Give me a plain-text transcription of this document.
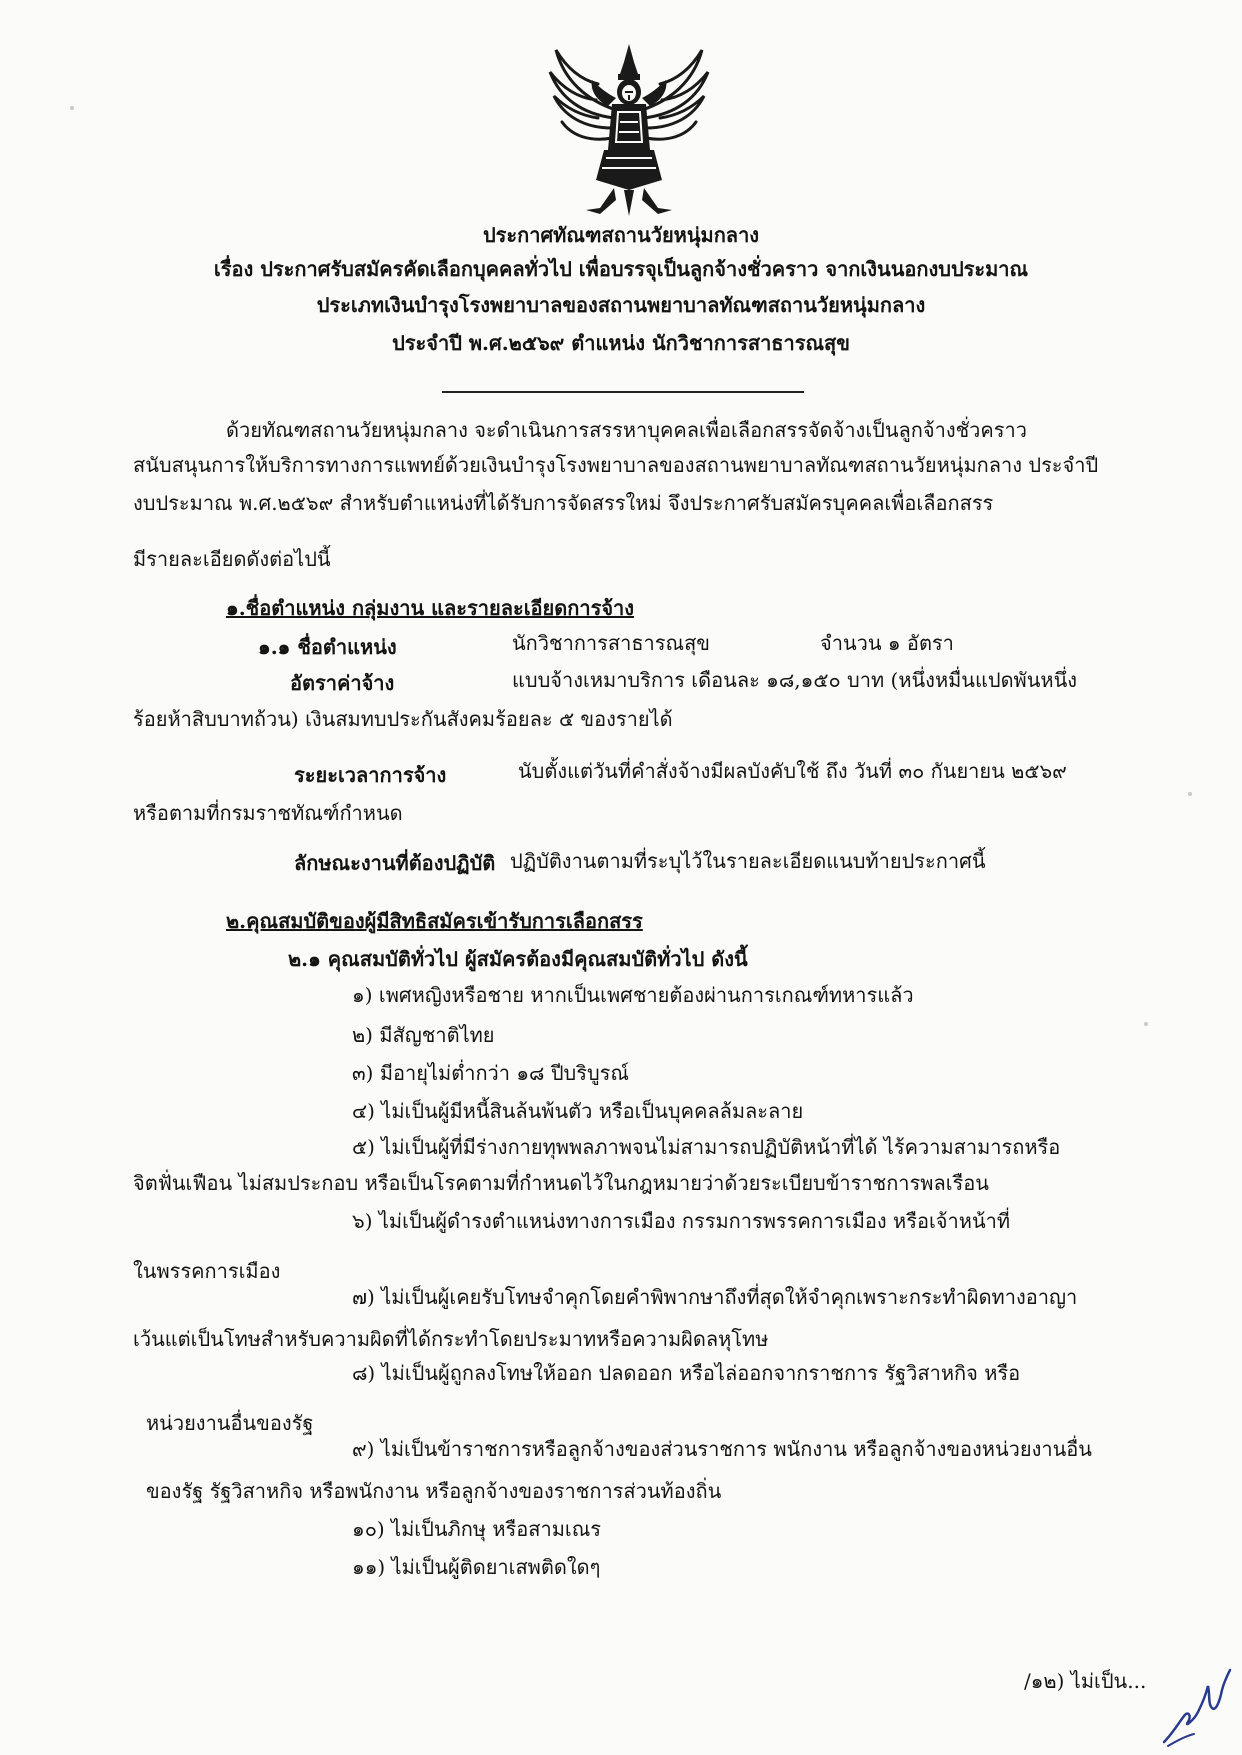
ประกาศทัณฑสถานวัยหนุ่มกลาง
เรื่อง ประกาศรับสมัครคัดเลือกบุคคลทั่วไป เพื่อบรรจุเป็นลูกจ้างชั่วคราว จากเงินนอกงบประมาณ
ประเภทเงินบำรุงโรงพยาบาลของสถานพยาบาลทัณฑสถานวัยหนุ่มกลาง
ประจำปี พ.ศ.๒๕๖๙ ตำแหน่ง นักวิชาการสาธารณสุข
ด้วยทัณฑสถานวัยหนุ่มกลาง จะดำเนินการสรรหาบุคคลเพื่อเลือกสรรจัดจ้างเป็นลูกจ้างชั่วคราว
สนับสนุนการให้บริการทางการแพทย์ด้วยเงินบำรุงโรงพยาบาลของสถานพยาบาลทัณฑสถานวัยหนุ่มกลาง ประจำปี
งบประมาณ พ.ศ.๒๕๖๙ สำหรับตำแหน่งที่ได้รับการจัดสรรใหม่ จึงประกาศรับสมัครบุคคลเพื่อเลือกสรร
มีรายละเอียดดังต่อไปนี้
๑.ชื่อตำแหน่ง กลุ่มงาน และรายละเอียดการจ้าง
๑.๑ ชื่อตำแหน่ง	นักวิชาการสาธารณสุข	จำนวน ๑ อัตรา
อัตราค่าจ้าง	แบบจ้างเหมาบริการ เดือนละ ๑๘,๑๕๐ บาท (หนึ่งหมื่นแปดพันหนึ่ง
ร้อยห้าสิบบาทถ้วน) เงินสมทบประกันสังคมร้อยละ ๕ ของรายได้
ระยะเวลาการจ้าง	นับตั้งแต่วันที่คำสั่งจ้างมีผลบังคับใช้ ถึง วันที่ ๓๐ กันยายน ๒๕๖๙
หรือตามที่กรมราชทัณฑ์กำหนด
ลักษณะงานที่ต้องปฏิบัติ ปฏิบัติงานตามที่ระบุไว้ในรายละเอียดแนบท้ายประกาศนี้
๒.คุณสมบัติของผู้มีสิทธิสมัครเข้ารับการเลือกสรร
๒.๑ คุณสมบัติทั่วไป ผู้สมัครต้องมีคุณสมบัติทั่วไป ดังนี้
๑) เพศหญิงหรือชาย หากเป็นเพศชายต้องผ่านการเกณฑ์ทหารแล้ว
๒) มีสัญชาติไทย
๓) มีอายุไม่ต่ำกว่า ๑๘ ปีบริบูรณ์
๔) ไม่เป็นผู้มีหนี้สินล้นพ้นตัว หรือเป็นบุคคลล้มละลาย
๕) ไม่เป็นผู้ที่มีร่างกายทุพพลภาพจนไม่สามารถปฏิบัติหน้าที่ได้ ไร้ความสามารถหรือ
จิตฟั่นเฟือน ไม่สมประกอบ หรือเป็นโรคตามที่กำหนดไว้ในกฎหมายว่าด้วยระเบียบข้าราชการพลเรือน
๖) ไม่เป็นผู้ดำรงตำแหน่งทางการเมือง กรรมการพรรคการเมือง หรือเจ้าหน้าที่
ในพรรคการเมือง
๗) ไม่เป็นผู้เคยรับโทษจำคุกโดยคำพิพากษาถึงที่สุดให้จำคุกเพราะกระทำผิดทางอาญา
เว้นแต่เป็นโทษสำหรับความผิดที่ได้กระทำโดยประมาทหรือความผิดลหุโทษ
๘) ไม่เป็นผู้ถูกลงโทษให้ออก ปลดออก หรือไล่ออกจากราชการ รัฐวิสาหกิจ หรือ
หน่วยงานอื่นของรัฐ
๙) ไม่เป็นข้าราชการหรือลูกจ้างของส่วนราชการ พนักงาน หรือลูกจ้างของหน่วยงานอื่น
ของรัฐ รัฐวิสาหกิจ หรือพนักงาน หรือลูกจ้างของราชการส่วนท้องถิ่น
๑๐) ไม่เป็นภิกษุ หรือสามเณร
๑๑) ไม่เป็นผู้ติดยาเสพติดใดๆ
/๑๒) ไม่เป็น...
